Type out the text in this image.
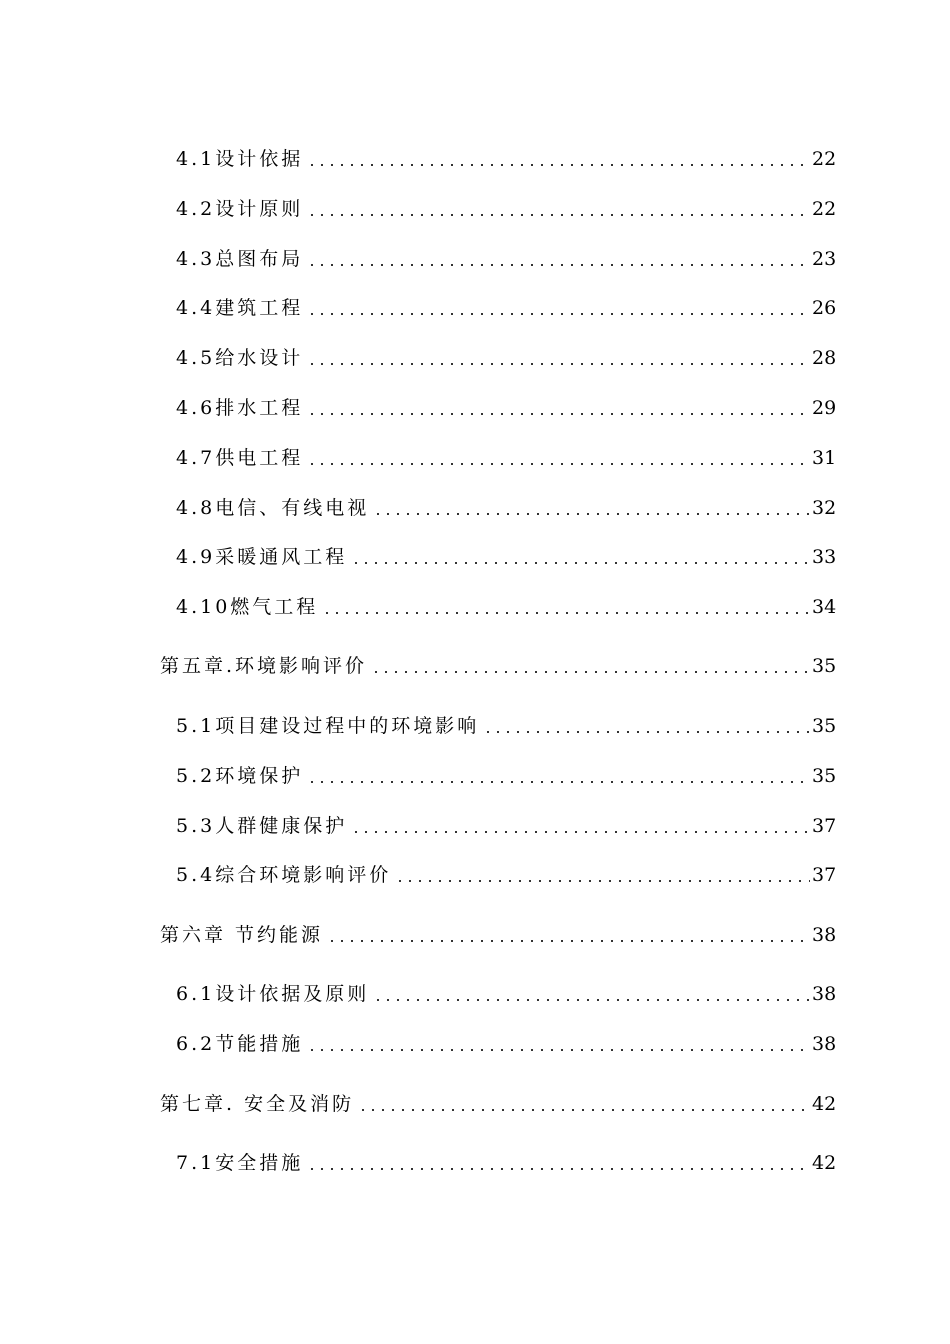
4.1设计依据	22
4.2设计原则	22
4.3总图布局	23
4.4建筑工程	26
4.5给水设计	28
4.6排水工程	29
4.7供电工程	31
4.8电信、有线电视	32
4.9采暖通风工程	33
4.10燃气工程	34
第五章.环境影响评价	35
5.1项目建设过程中的环境影响	35
5.2环境保护	35
5.3人群健康保护	37
5.4综合环境影响评价	37
第六章 节约能源	38
6.1设计依据及原则	38
6.2节能措施	38
第七章. 安全及消防	42
7.1安全措施	42
